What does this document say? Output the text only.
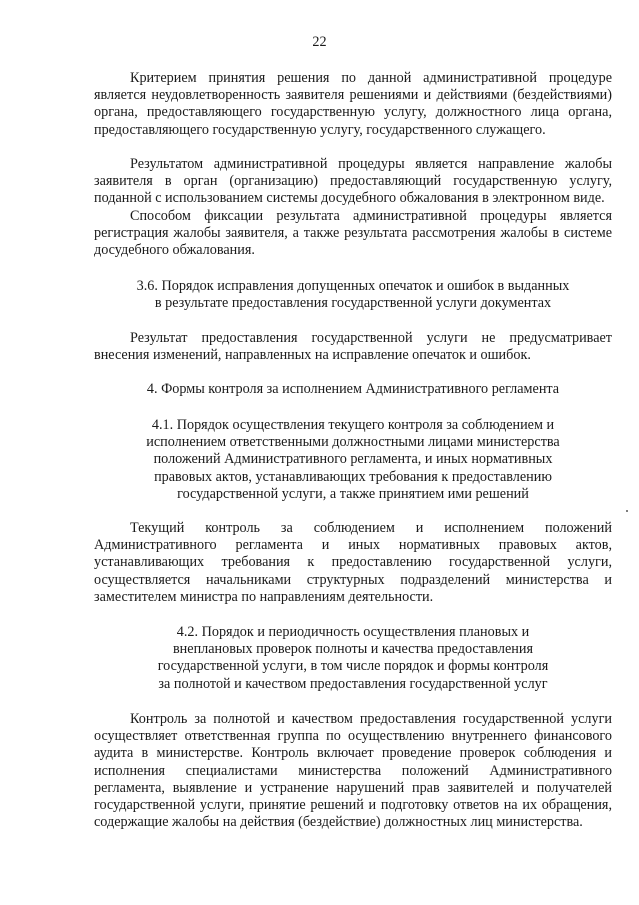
22

Критерием принятия решения по данной административной процедуре является неудовлетворенность заявителя решениями и действиями (бездействиями) органа, предоставляющего государственную услугу, должностного лица органа, предоставляющего государственную услугу, государственного служащего.

Результатом административной процедуры является направление жалобы заявителя в орган (организацию) предоставляющий государственную услугу, поданной с использованием системы досудебного обжалования в электронном виде.

Способом фиксации результата административной процедуры является регистрация жалобы заявителя, а также результата рассмотрения жалобы в системе досудебного обжалования.

3.6. Порядок исправления допущенных опечаток и ошибок в выданных
в результате предоставления государственной услуги документах

Результат предоставления государственной услуги не предусматривает внесения изменений, направленных на исправление опечаток и ошибок.

4. Формы контроля за исполнением Административного регламента
4.1. Порядок осуществления текущего контроля за соблюдением и
исполнением ответственными должностными лицами министерства
положений Административного регламента, и иных нормативных
правовых актов, устанавливающих требования к предоставлению
государственной услуги, а также принятием ими решений

Текущий контроль за соблюдением и исполнением положений Административного регламента и иных нормативных правовых актов, устанавливающих требования к предоставлению государственной услуги, осуществляется начальниками структурных подразделений министерства и заместителем министра по направлениям деятельности.

4.2. Порядок и периодичность осуществления плановых и
внеплановых проверок полноты и качества предоставления
государственной услуги, в том числе порядок и формы контроля
за полнотой и качеством предоставления государственной услуг

Контроль за полнотой и качеством предоставления государственной услуги осуществляет ответственная группа по осуществлению внутреннего финансового аудита в министерстве. Контроль включает проведение проверок соблюдения и исполнения специалистами министерства положений Административного регламента, выявление и устранение нарушений прав заявителей и получателей государственной услуги, принятие решений и подготовку ответов на их обращения, содержащие жалобы на действия (бездействие) должностных лиц министерства.
